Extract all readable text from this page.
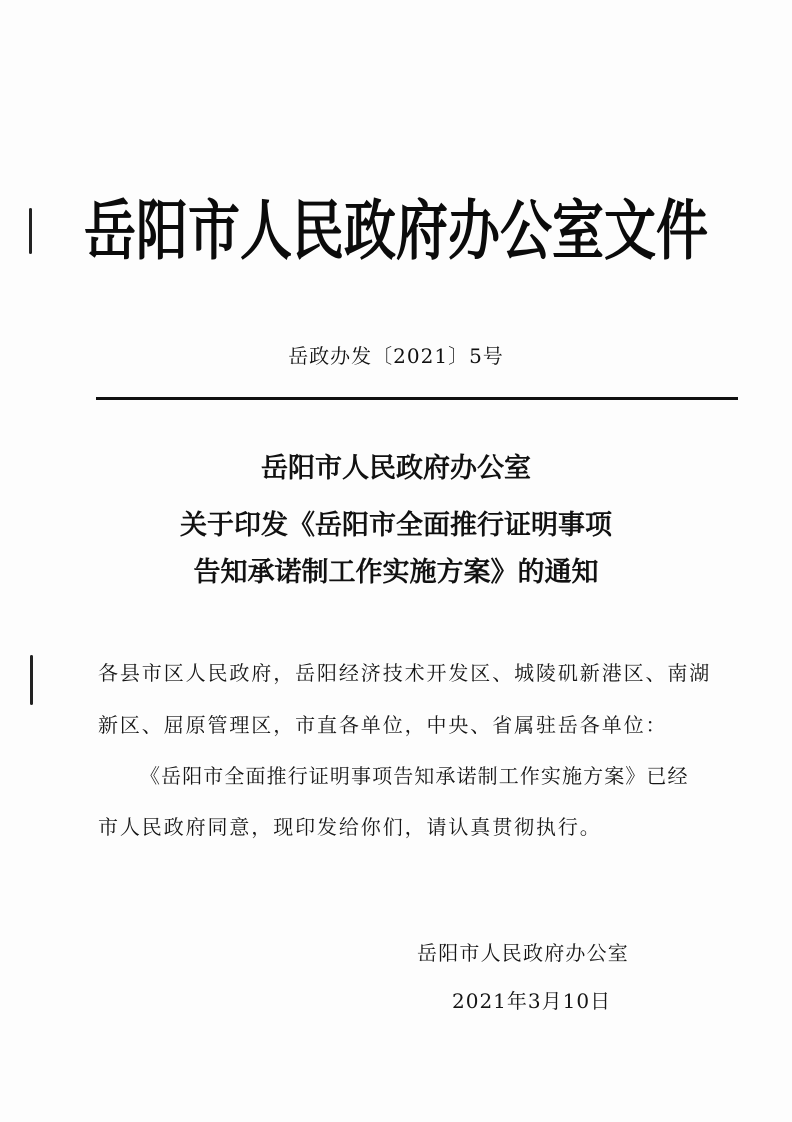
岳阳市人民政府办公室文件
岳政办发〔2021〕5号
岳阳市人民政府办公室
关于印发《岳阳市全面推行证明事项
告知承诺制工作实施方案》的通知
各县市区人民政府，岳阳经济技术开发区、城陵矶新港区、南湖
新区、屈原管理区，市直各单位，中央、省属驻岳各单位：
《岳阳市全面推行证明事项告知承诺制工作实施方案》已经
市人民政府同意，现印发给你们，请认真贯彻执行。
岳阳市人民政府办公室
2021年3月10日
